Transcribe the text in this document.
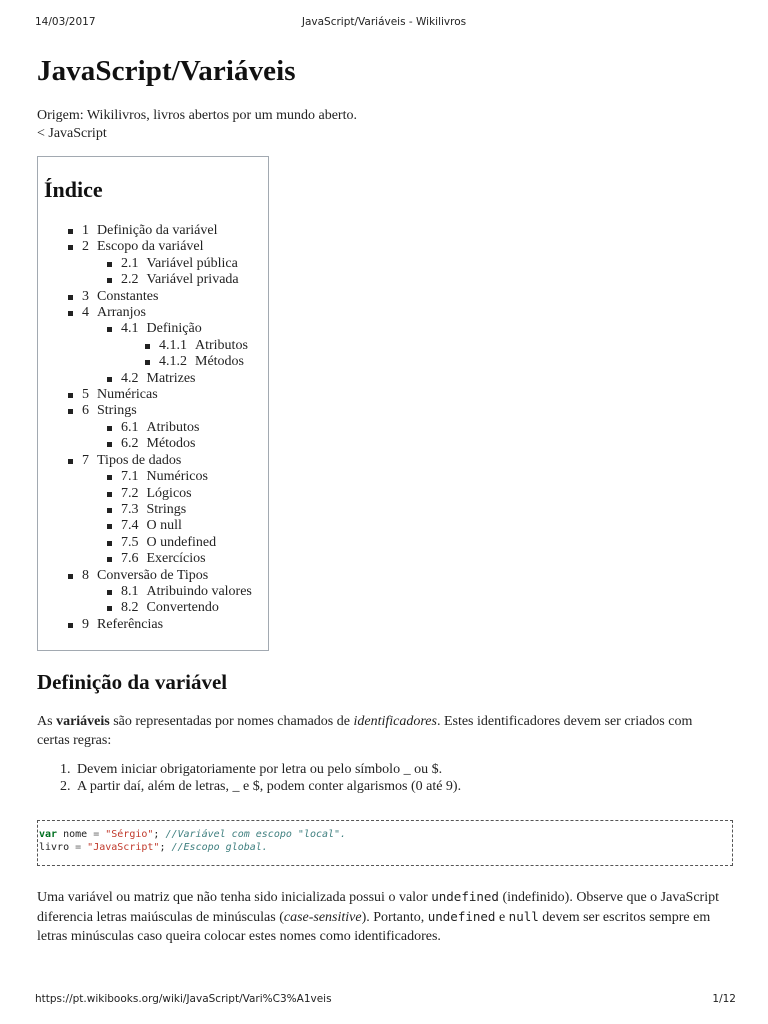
14/03/2017	JavaScript/Variáveis - Wikilivros
JavaScript/Variáveis
Origem: Wikilivros, livros abertos por um mundo aberto.
< JavaScript
Índice
1 Definição da variável
2 Escopo da variável
2.1 Variável pública
2.2 Variável privada
3 Constantes
4 Arranjos
4.1 Definição
4.1.1 Atributos
4.1.2 Métodos
4.2 Matrizes
5 Numéricas
6 Strings
6.1 Atributos
6.2 Métodos
7 Tipos de dados
7.1 Numéricos
7.2 Lógicos
7.3 Strings
7.4 O null
7.5 O undefined
7.6 Exercícios
8 Conversão de Tipos
8.1 Atribuindo valores
8.2 Convertendo
9 Referências
Definição da variável

As variáveis são representadas por nomes chamados de identificadores. Estes identificadores devem ser criados com certas regras:

1. Devem iniciar obrigatoriamente por letra ou pelo símbolo _ ou $.
2. A partir daí, além de letras, _ e $, podem conter algarismos (0 até 9).
var nome = "Sérgio"; //Variável com escopo "local".
livro = "JavaScript"; //Escopo global.

Uma variável ou matriz que não tenha sido inicializada possui o valor undefined (indefinido). Observe que o JavaScript diferencia letras maiúsculas de minúsculas (case-sensitive). Portanto, undefined e null devem ser escritos sempre em letras minúsculas caso queira colocar estes nomes como identificadores.

https://pt.wikibooks.org/wiki/JavaScript/Vari%C3%A1veis	1/12
